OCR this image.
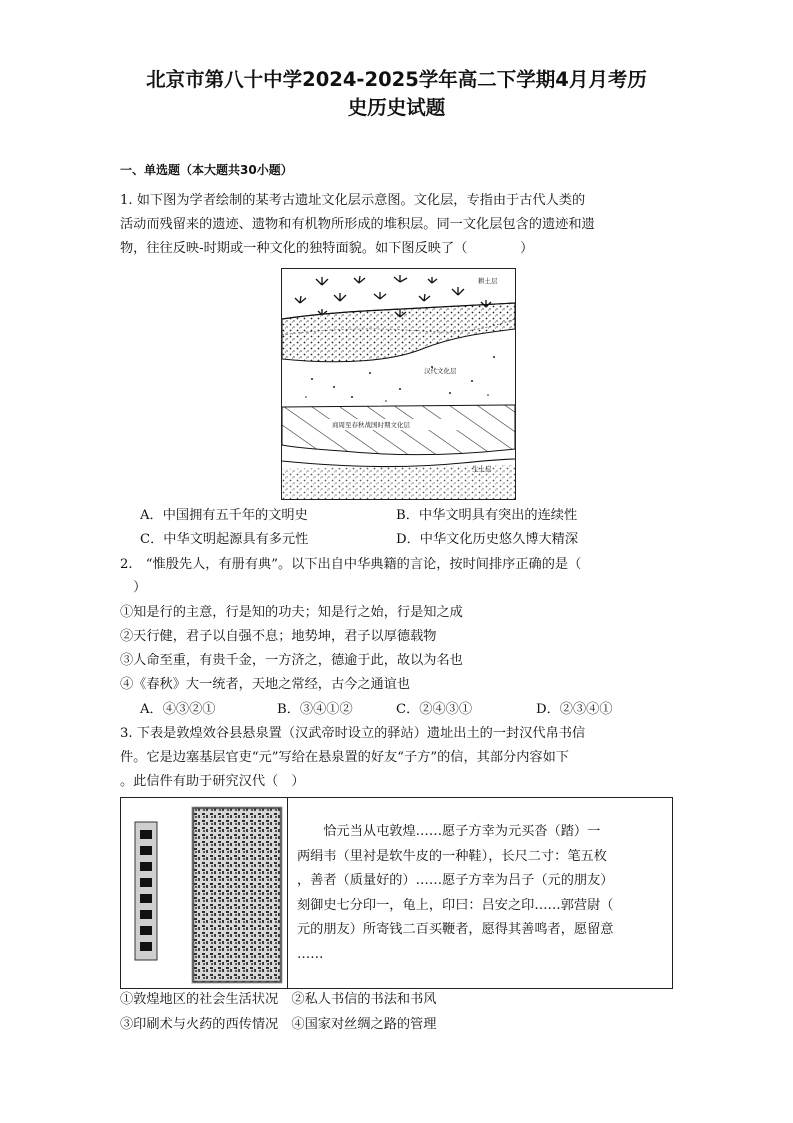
北京市第八十中学2024-2025学年高二下学期4月月考历
史历史试题
一、单选题（本大题共30小题）
1. 如下图为学者绘制的某考古遗址文化层示意图。文化层，专指由于古代人类的
活动而残留来的遗迹、遗物和有机物所形成的堆积层。同一文化层包含的遗迹和遗
物，往往反映-时期或一种文化的独特面貌。如下图反映了（　　　　）
耕土层
汉代文化层
商周至春秋战国时期文化层
生土层
A．中国拥有五千年的文明史	B．中华文明具有突出的连续性
C．中华文明起源具有多元性	D．中华文化历史悠久博大精深
2.　“惟殷先人，有册有典”。以下出自中华典籍的言论，按时间排序正确的是（
　）
①知是行的主意，行是知的功夫；知是行之始，行是知之成
②天行健，君子以自强不息；地势坤，君子以厚德载物
③人命至重，有贵千金，一方济之，德逾于此，故以为名也
④《春秋》大一统者，天地之常经，古今之通谊也
A．④③②①	B．③④①②	C．②④③①	D．②③④①
3. 下表是敦煌效谷县悬泉置（汉武帝时设立的驿站）遗址出土的一封汉代帛书信
件。它是边塞基层官吏“元”写给在悬泉置的好友“子方”的信，其部分内容如下
。此信件有助于研究汉代（　）
　　恰元当从屯敦煌……愿子方幸为元买沓（踏）一
两绢韦（里衬是软牛皮的一种鞋），长尺二寸：笔五枚
，善者（质量好的）……愿子方幸为吕子（元的朋友）
刻御史七分印一，龟上，印曰：吕安之印……郭营尉（
元的朋友）所寄钱二百买鞭者，愿得其善鸣者，愿留意
……
①敦煌地区的社会生活状况　②私人书信的书法和书风
③印刷术与火药的西传情况　④国家对丝绸之路的管理
